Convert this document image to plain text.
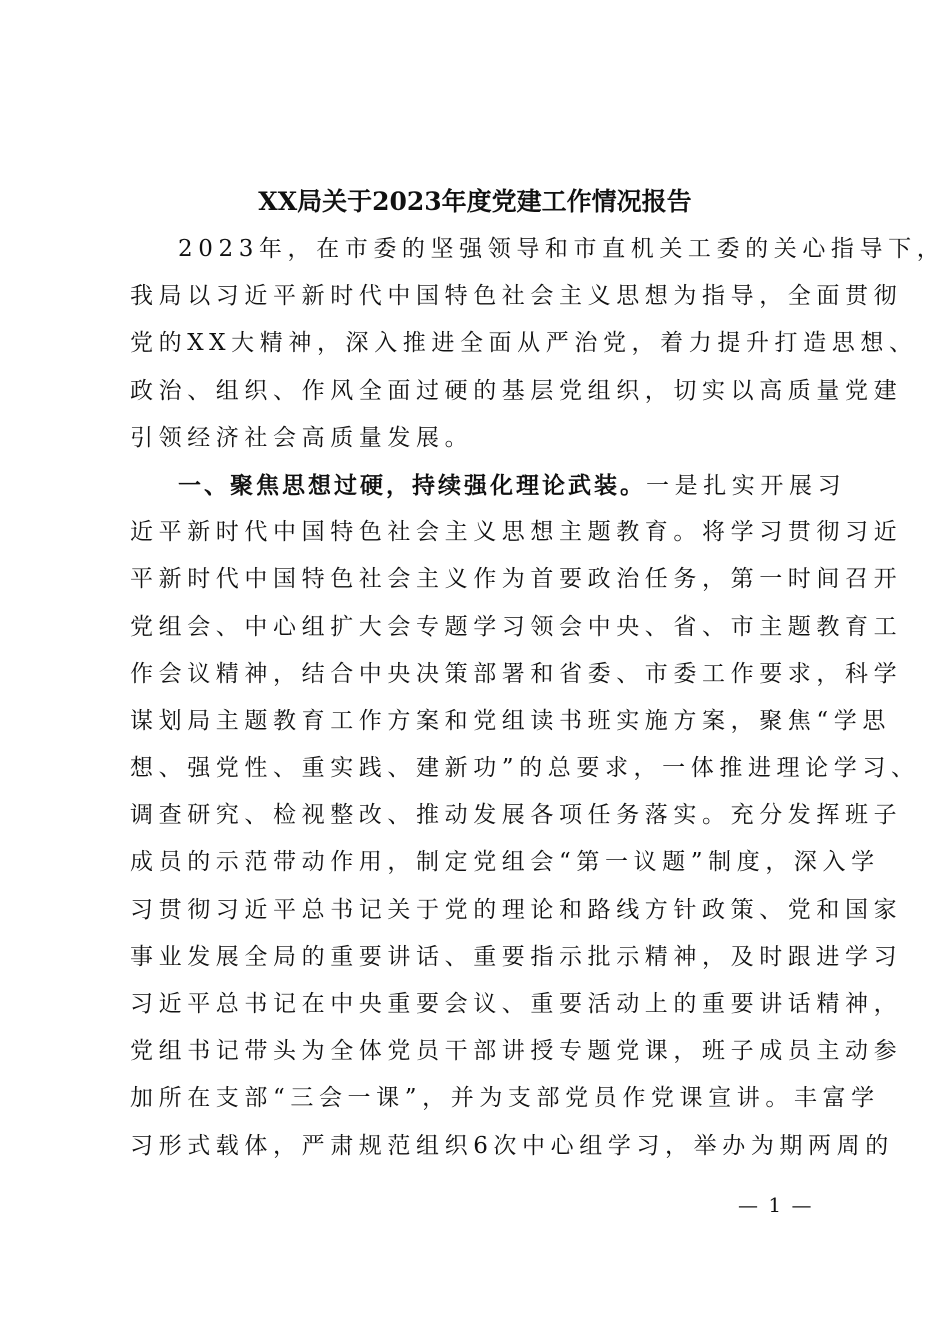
XX局关于2023年度党建工作情况报告
2023年，在市委的坚强领导和市直机关工委的关心指导下，
我局以习近平新时代中国特色社会主义思想为指导，全面贯彻
党的XX大精神，深入推进全面从严治党，着力提升打造思想、
政治、组织、作风全面过硬的基层党组织，切实以高质量党建
引领经济社会高质量发展。
一、聚焦思想过硬，持续强化理论武装。一是扎实开展习
近平新时代中国特色社会主义思想主题教育。将学习贯彻习近
平新时代中国特色社会主义作为首要政治任务，第一时间召开
党组会、中心组扩大会专题学习领会中央、省、市主题教育工
作会议精神，结合中央决策部署和省委、市委工作要求，科学
谋划局主题教育工作方案和党组读书班实施方案，聚焦“学思
想、强党性、重实践、建新功”的总要求，一体推进理论学习、
调查研究、检视整改、推动发展各项任务落实。充分发挥班子
成员的示范带动作用，制定党组会“第一议题”制度，深入学
习贯彻习近平总书记关于党的理论和路线方针政策、党和国家
事业发展全局的重要讲话、重要指示批示精神，及时跟进学习
习近平总书记在中央重要会议、重要活动上的重要讲话精神，
党组书记带头为全体党员干部讲授专题党课，班子成员主动参
加所在支部“三会一课”，并为支部党员作党课宣讲。丰富学
习形式载体，严肃规范组织6次中心组学习，举办为期两周的
— 1 —
